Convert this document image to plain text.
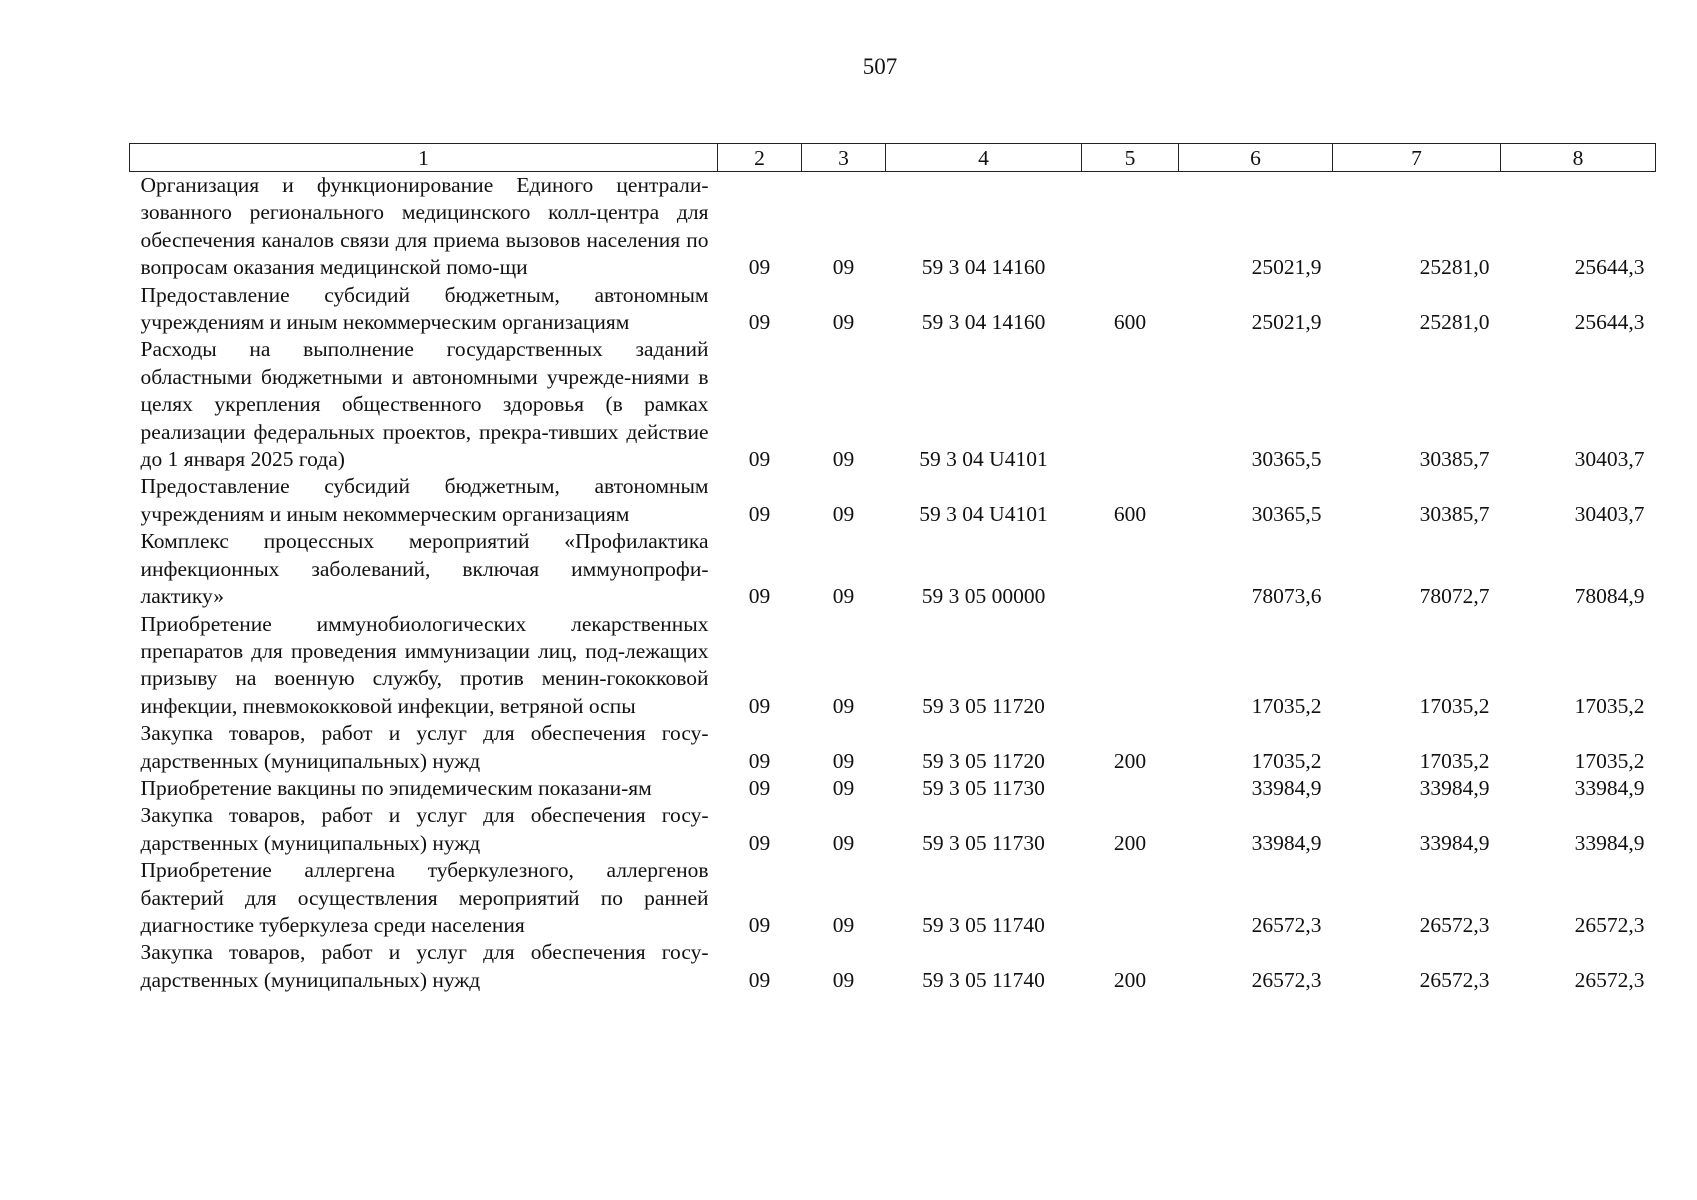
507
1	2	3	4	5	6	7	8
Организация и функционирование Единого централи-зованного регионального медицинского колл-центра для обеспечения каналов связи для приема вызовов населения по вопросам оказания медицинской помо-щи	09	09	59 3 04 14160		25021,9	25281,0	25644,3
Предоставление субсидий бюджетным, автономным учреждениям и иным некоммерческим организациям	09	09	59 3 04 14160	600	25021,9	25281,0	25644,3
Расходы на выполнение государственных заданий областными бюджетными и автономными учрежде-ниями в целях укрепления общественного здоровья (в рамках реализации федеральных проектов, прекра-тивших действие до 1 января 2025 года)	09	09	59 3 04 U4101		30365,5	30385,7	30403,7
Предоставление субсидий бюджетным, автономным учреждениям и иным некоммерческим организациям	09	09	59 3 04 U4101	600	30365,5	30385,7	30403,7
Комплекс процессных мероприятий «Профилактика инфекционных заболеваний, включая иммунопрофи-лактику»	09	09	59 3 05 00000		78073,6	78072,7	78084,9
Приобретение иммунобиологических лекарственных препаратов для проведения иммунизации лиц, под-лежащих призыву на военную службу, против менин-гококковой инфекции, пневмококковой инфекции, ветряной оспы	09	09	59 3 05 11720		17035,2	17035,2	17035,2
Закупка товаров, работ и услуг для обеспечения госу-дарственных (муниципальных) нужд	09	09	59 3 05 11720	200	17035,2	17035,2	17035,2
Приобретение вакцины по эпидемическим показани-ям	09	09	59 3 05 11730		33984,9	33984,9	33984,9
Закупка товаров, работ и услуг для обеспечения госу-дарственных (муниципальных) нужд	09	09	59 3 05 11730	200	33984,9	33984,9	33984,9
Приобретение аллергена туберкулезного, аллергенов бактерий для осуществления мероприятий по ранней диагностике туберкулеза среди населения	09	09	59 3 05 11740		26572,3	26572,3	26572,3
Закупка товаров, работ и услуг для обеспечения госу-дарственных (муниципальных) нужд	09	09	59 3 05 11740	200	26572,3	26572,3	26572,3
